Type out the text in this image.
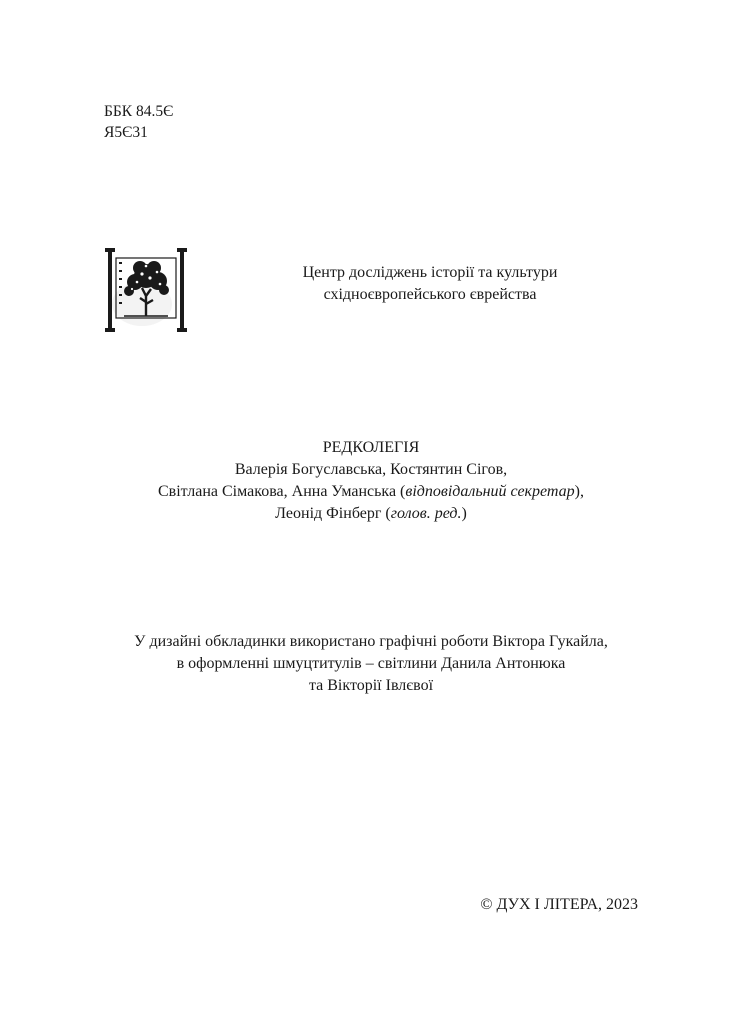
ББК 84.5Є
Я5Є31
Центр досліджень історії та культури
східноєвропейського єврейства
РЕДКОЛЕГІЯ
Валерія Богуславська, Костянтин Сігов,
Світлана Сімакова, Анна Уманська (відповідальний секретар),
Леонід Фінберг (голов. ред.)
У дизайні обкладинки використано графічні роботи Віктора Гукайла,
в оформленні шмуцтитулів – світлини Данила Антонюка
та Вікторії Івлєвої
© ДУХ І ЛІТЕРА, 2023
